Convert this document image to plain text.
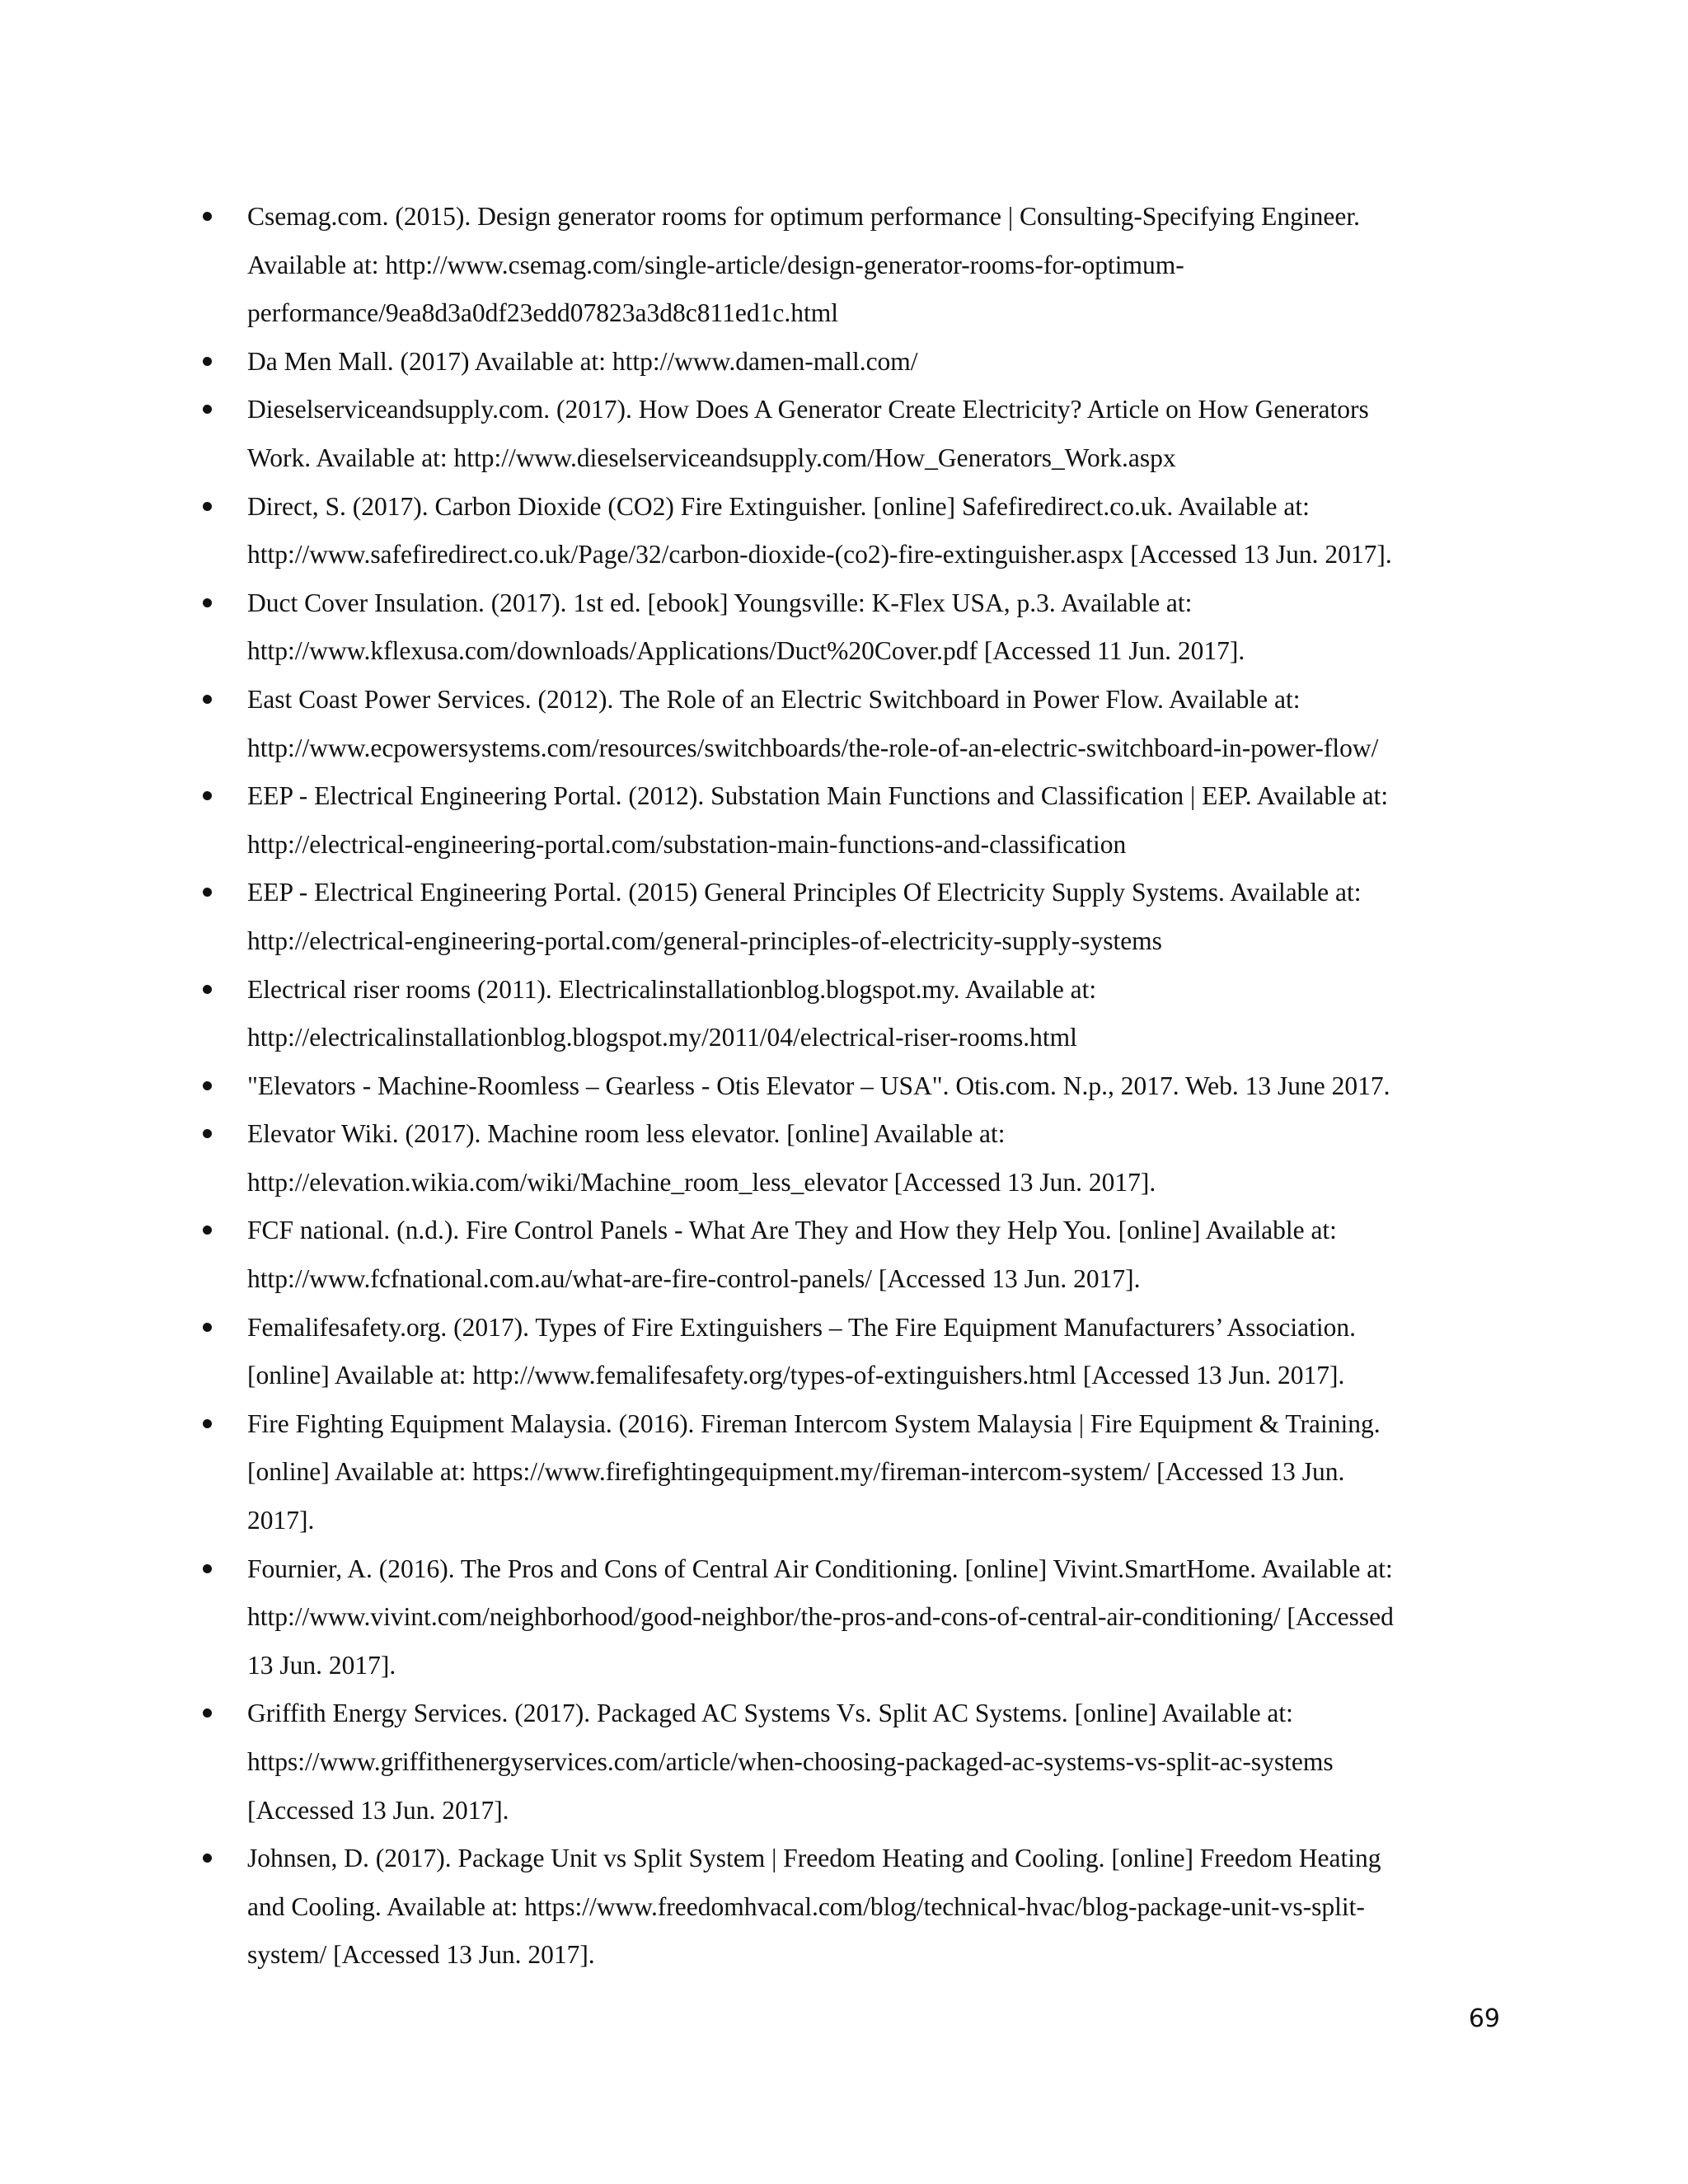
Csemag.com. (2015). Design generator rooms for optimum performance | Consulting-Specifying Engineer.
Available at: http://www.csemag.com/single-article/design-generator-rooms-for-optimum-
performance/9ea8d3a0df23edd07823a3d8c811ed1c.html
Da Men Mall. (2017) Available at: http://www.damen-mall.com/
Dieselserviceandsupply.com. (2017). How Does A Generator Create Electricity? Article on How Generators
Work. Available at: http://www.dieselserviceandsupply.com/How_Generators_Work.aspx
Direct, S. (2017). Carbon Dioxide (CO2) Fire Extinguisher. [online] Safefiredirect.co.uk. Available at:
http://www.safefiredirect.co.uk/Page/32/carbon-dioxide-(co2)-fire-extinguisher.aspx [Accessed 13 Jun. 2017].
Duct Cover Insulation. (2017). 1st ed. [ebook] Youngsville: K-Flex USA, p.3. Available at:
http://www.kflexusa.com/downloads/Applications/Duct%20Cover.pdf [Accessed 11 Jun. 2017].
East Coast Power Services. (2012). The Role of an Electric Switchboard in Power Flow. Available at:
http://www.ecpowersystems.com/resources/switchboards/the-role-of-an-electric-switchboard-in-power-flow/
EEP - Electrical Engineering Portal. (2012). Substation Main Functions and Classification | EEP. Available at:
http://electrical-engineering-portal.com/substation-main-functions-and-classification
EEP - Electrical Engineering Portal. (2015) General Principles Of Electricity Supply Systems. Available at:
http://electrical-engineering-portal.com/general-principles-of-electricity-supply-systems
Electrical riser rooms (2011). Electricalinstallationblog.blogspot.my. Available at:
http://electricalinstallationblog.blogspot.my/2011/04/electrical-riser-rooms.html
"Elevators - Machine-Roomless – Gearless - Otis Elevator – USA". Otis.com. N.p., 2017. Web. 13 June 2017.
Elevator Wiki. (2017). Machine room less elevator. [online] Available at:
http://elevation.wikia.com/wiki/Machine_room_less_elevator [Accessed 13 Jun. 2017].
FCF national. (n.d.). Fire Control Panels - What Are They and How they Help You. [online] Available at:
http://www.fcfnational.com.au/what-are-fire-control-panels/ [Accessed 13 Jun. 2017].
Femalifesafety.org. (2017). Types of Fire Extinguishers – The Fire Equipment Manufacturers’ Association.
[online] Available at: http://www.femalifesafety.org/types-of-extinguishers.html [Accessed 13 Jun. 2017].
Fire Fighting Equipment Malaysia. (2016). Fireman Intercom System Malaysia | Fire Equipment & Training.
[online] Available at: https://www.firefightingequipment.my/fireman-intercom-system/ [Accessed 13 Jun.
2017].
Fournier, A. (2016). The Pros and Cons of Central Air Conditioning. [online] Vivint.SmartHome. Available at:
http://www.vivint.com/neighborhood/good-neighbor/the-pros-and-cons-of-central-air-conditioning/ [Accessed
13 Jun. 2017].
Griffith Energy Services. (2017). Packaged AC Systems Vs. Split AC Systems. [online] Available at:
https://www.griffithenergyservices.com/article/when-choosing-packaged-ac-systems-vs-split-ac-systems
[Accessed 13 Jun. 2017].
Johnsen, D. (2017). Package Unit vs Split System | Freedom Heating and Cooling. [online] Freedom Heating
and Cooling. Available at: https://www.freedomhvacal.com/blog/technical-hvac/blog-package-unit-vs-split-
system/ [Accessed 13 Jun. 2017].
69
